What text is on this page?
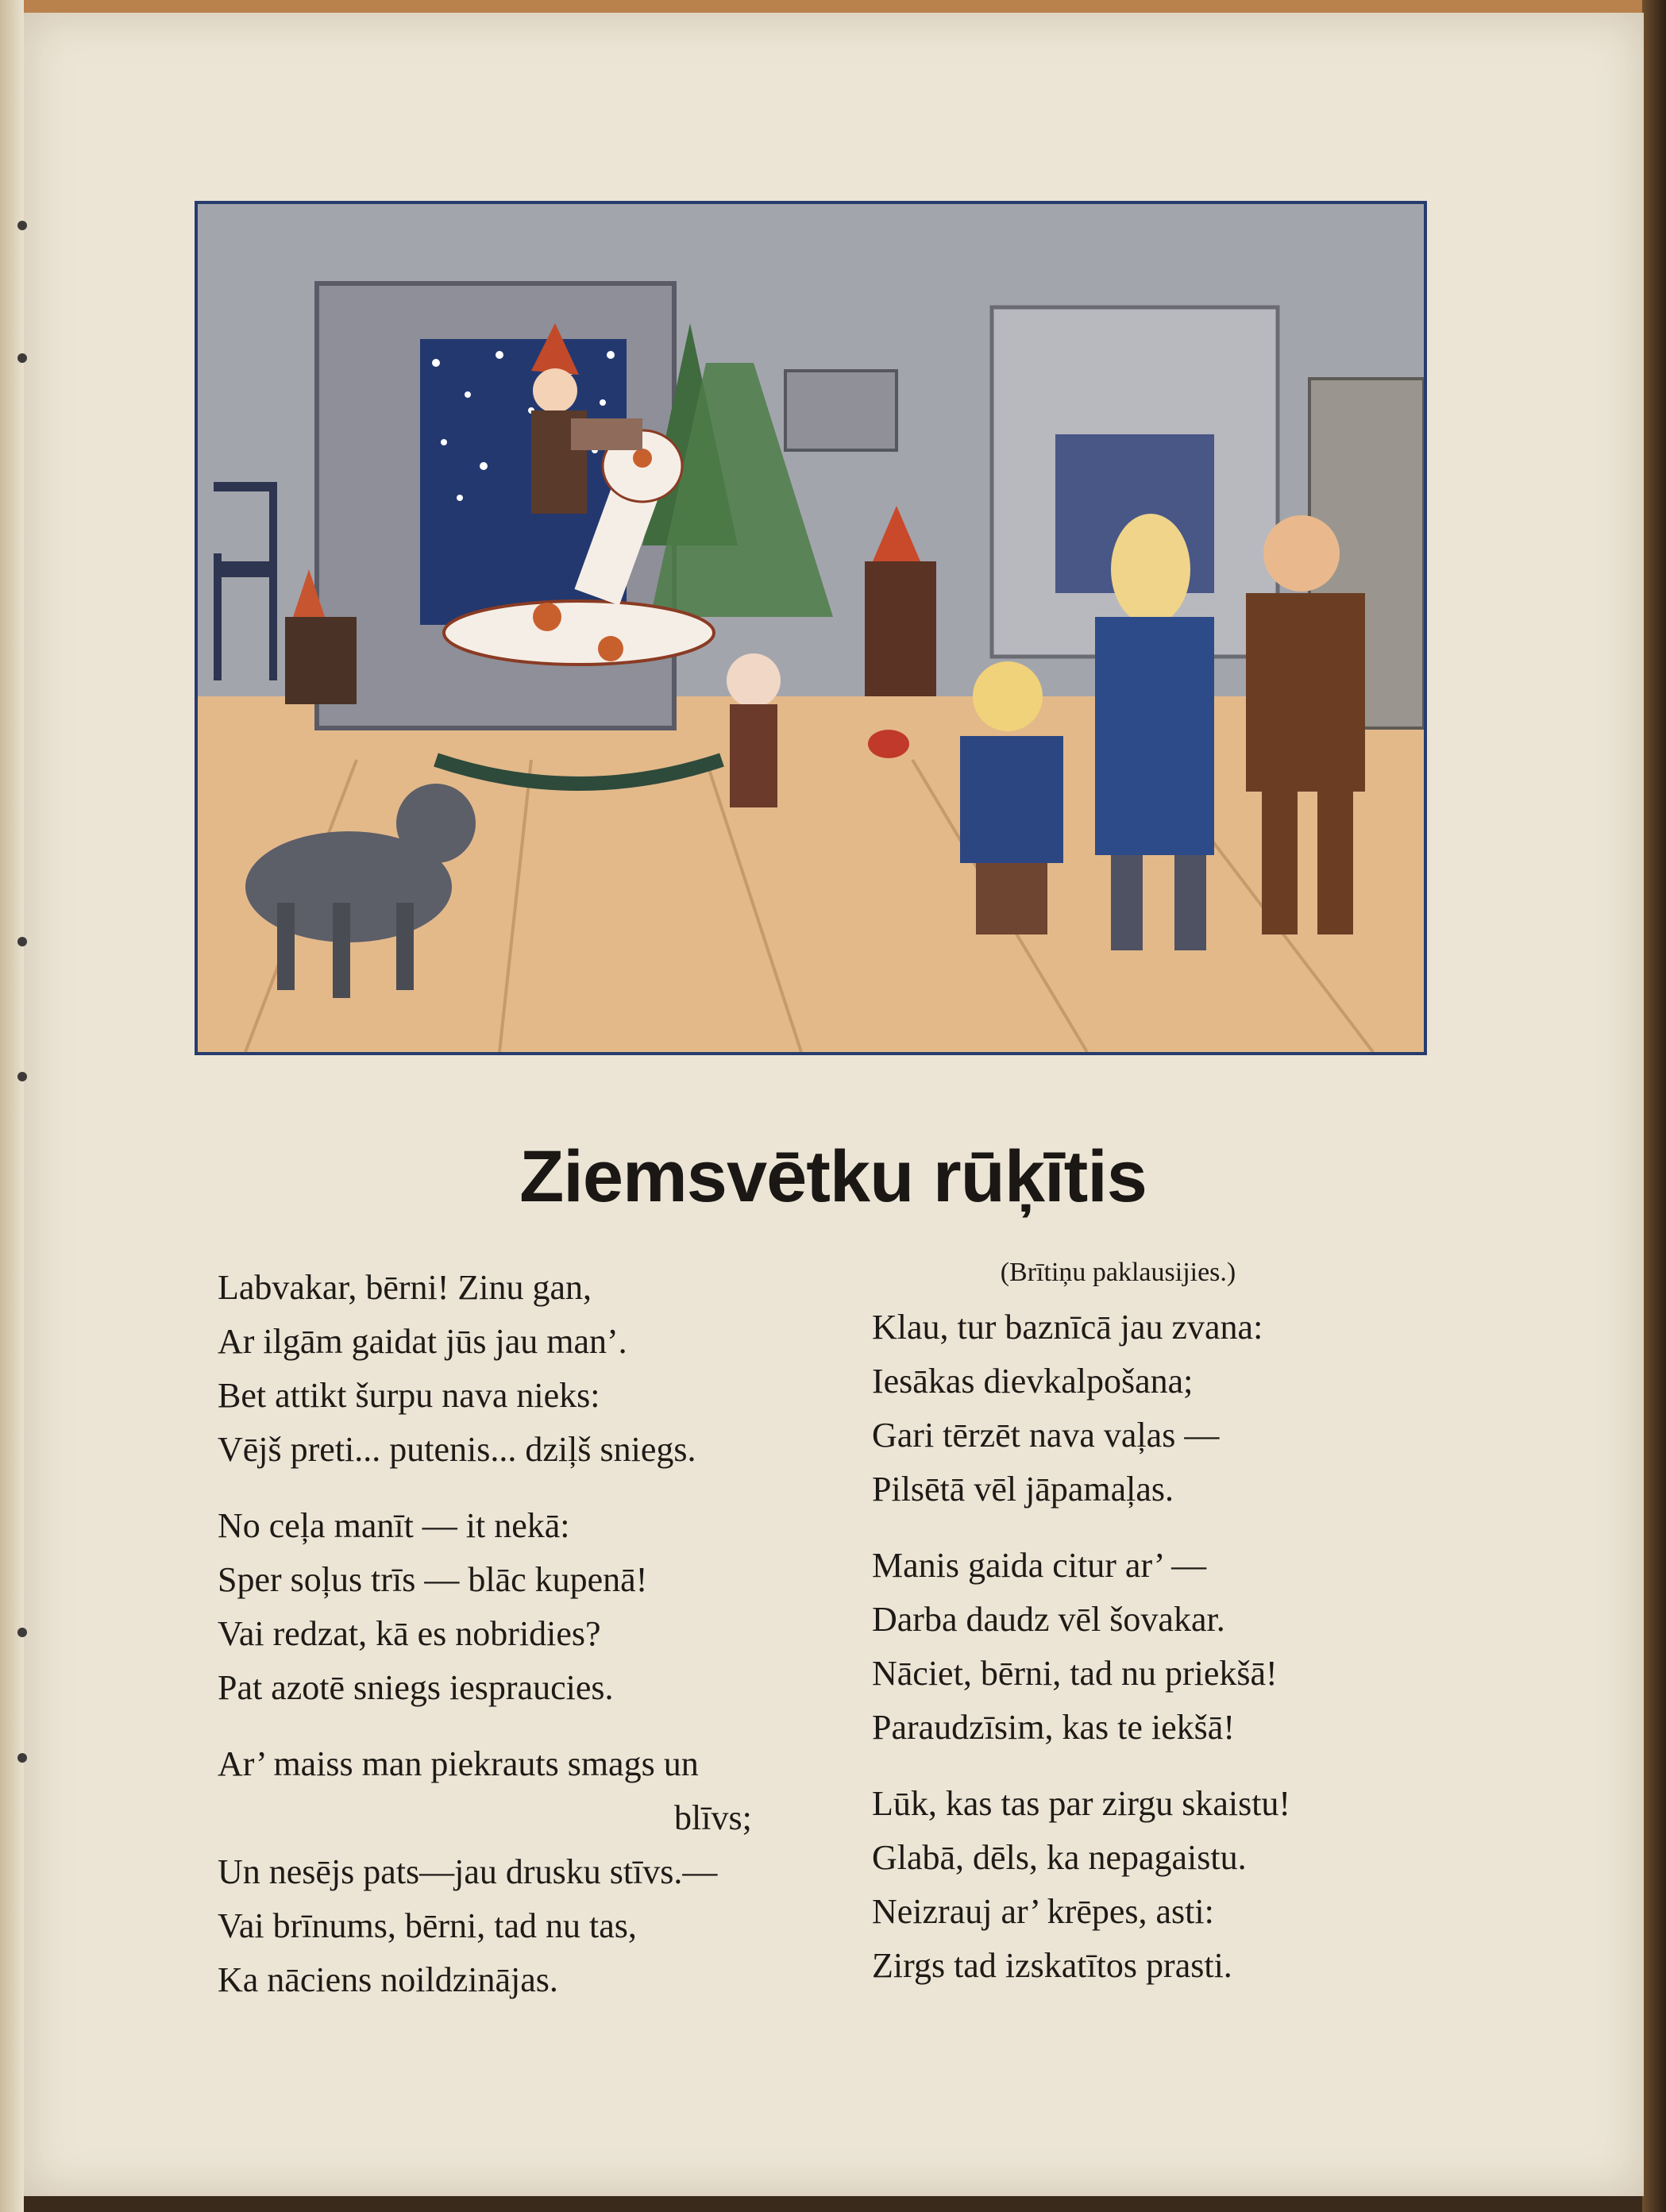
Ziemsvētku rūķītis
Labvakar, bērni! Zinu gan,
Ar ilgām gaidat jūs jau man’.
Bet attikt šurpu nava nieks:
Vējš preti... putenis... dziļš sniegs.
No ceļa manīt — it nekā:
Sper soļus trīs — blāc kupenā!
Vai redzat, kā es nobridies?
Pat azotē sniegs iespraucies.
Ar’ maiss man piekrauts smags un
blīvs;
Un nesējs pats—jau drusku stīvs.—
Vai brīnums, bērni, tad nu tas,
Ka nāciens noildzinājas.
(Brītiņu paklausijies.)
Klau, tur baznīcā jau zvana:
Iesākas dievkalpošana;
Gari tērzēt nava vaļas —
Pilsētā vēl jāpamaļas.
Manis gaida citur ar’ —
Darba daudz vēl šovakar.
Nāciet, bērni, tad nu priekšā!
Paraudzīsim, kas te iekšā!
Lūk, kas tas par zirgu skaistu!
Glabā, dēls, ka nepagaistu.
Neizrauj ar’ krēpes, asti:
Zirgs tad izskatītos prasti.
